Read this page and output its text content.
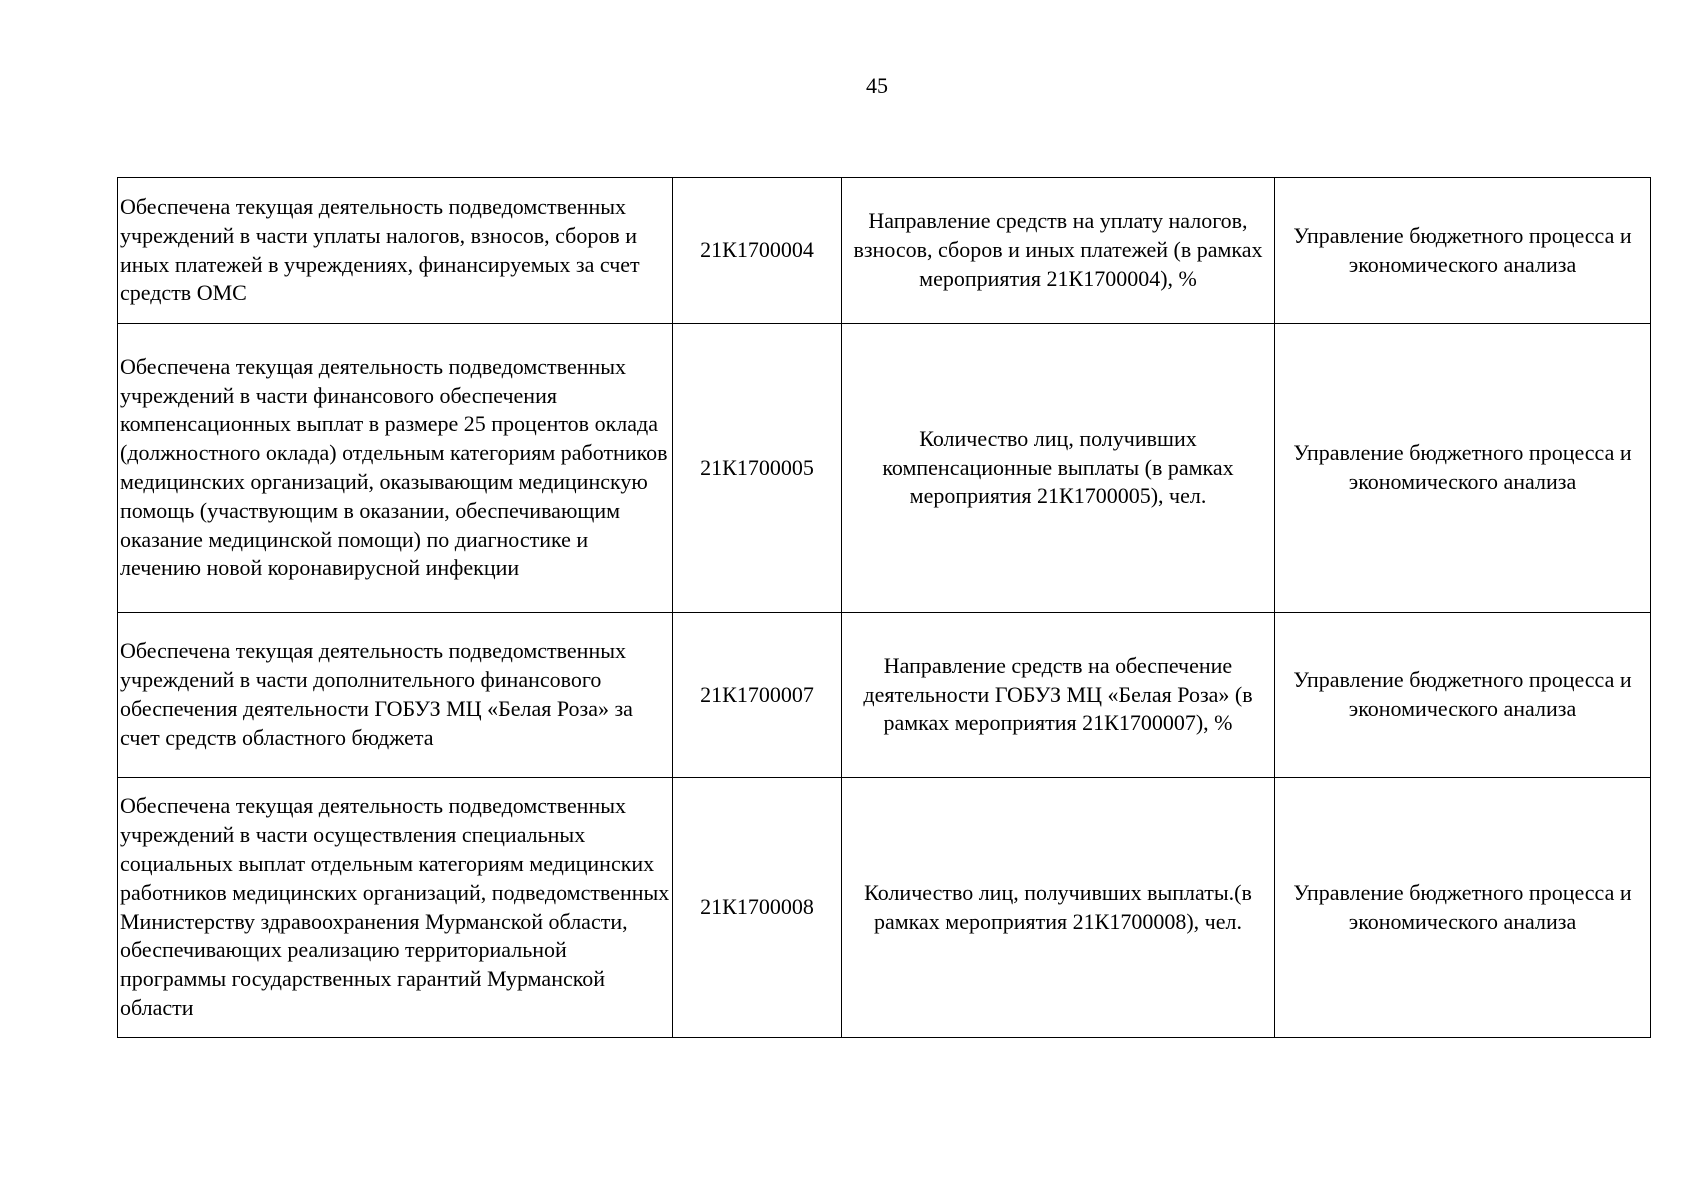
45
Обеспечена текущая деятельность подведомственных учреждений в части уплаты налогов, взносов, сборов и иных платежей в учреждениях, финансируемых за счет средств ОМС	21К1700004	Направление средств на уплату налогов, взносов, сборов и иных платежей (в рамках мероприятия 21К1700004), %	Управление бюджетного процесса и экономического анализа
Обеспечена текущая деятельность подведомственных учреждений в части финансового обеспечения компенсационных выплат в размере 25 процентов оклада (должностного оклада) отдельным категориям работников медицинских организаций, оказывающим медицинскую помощь (участвующим в оказании, обеспечивающим оказание медицинской помощи) по диагностике и лечению новой коронавирусной инфекции	21К1700005	Количество лиц, получивших компенсационные выплаты (в рамках мероприятия 21К1700005), чел.	Управление бюджетного процесса и экономического анализа
Обеспечена текущая деятельность подведомственных учреждений в части дополнительного финансового обеспечения деятельности ГОБУЗ МЦ «Белая Роза» за счет средств областного бюджета	21К1700007	Направление средств на обеспечение деятельности ГОБУЗ МЦ «Белая Роза» (в рамках мероприятия 21К1700007), %	Управление бюджетного процесса и экономического анализа
Обеспечена текущая деятельность подведомственных учреждений в части осуществления специальных социальных выплат отдельным категориям медицинских работников медицинских организаций, подведомственных Министерству здравоохранения Мурманской области, обеспечивающих реализацию территориальной программы государственных гарантий Мурманской области	21К1700008	Количество лиц, получивших выплаты.(в рамках мероприятия 21К1700008), чел.	Управление бюджетного процесса и экономического анализа
